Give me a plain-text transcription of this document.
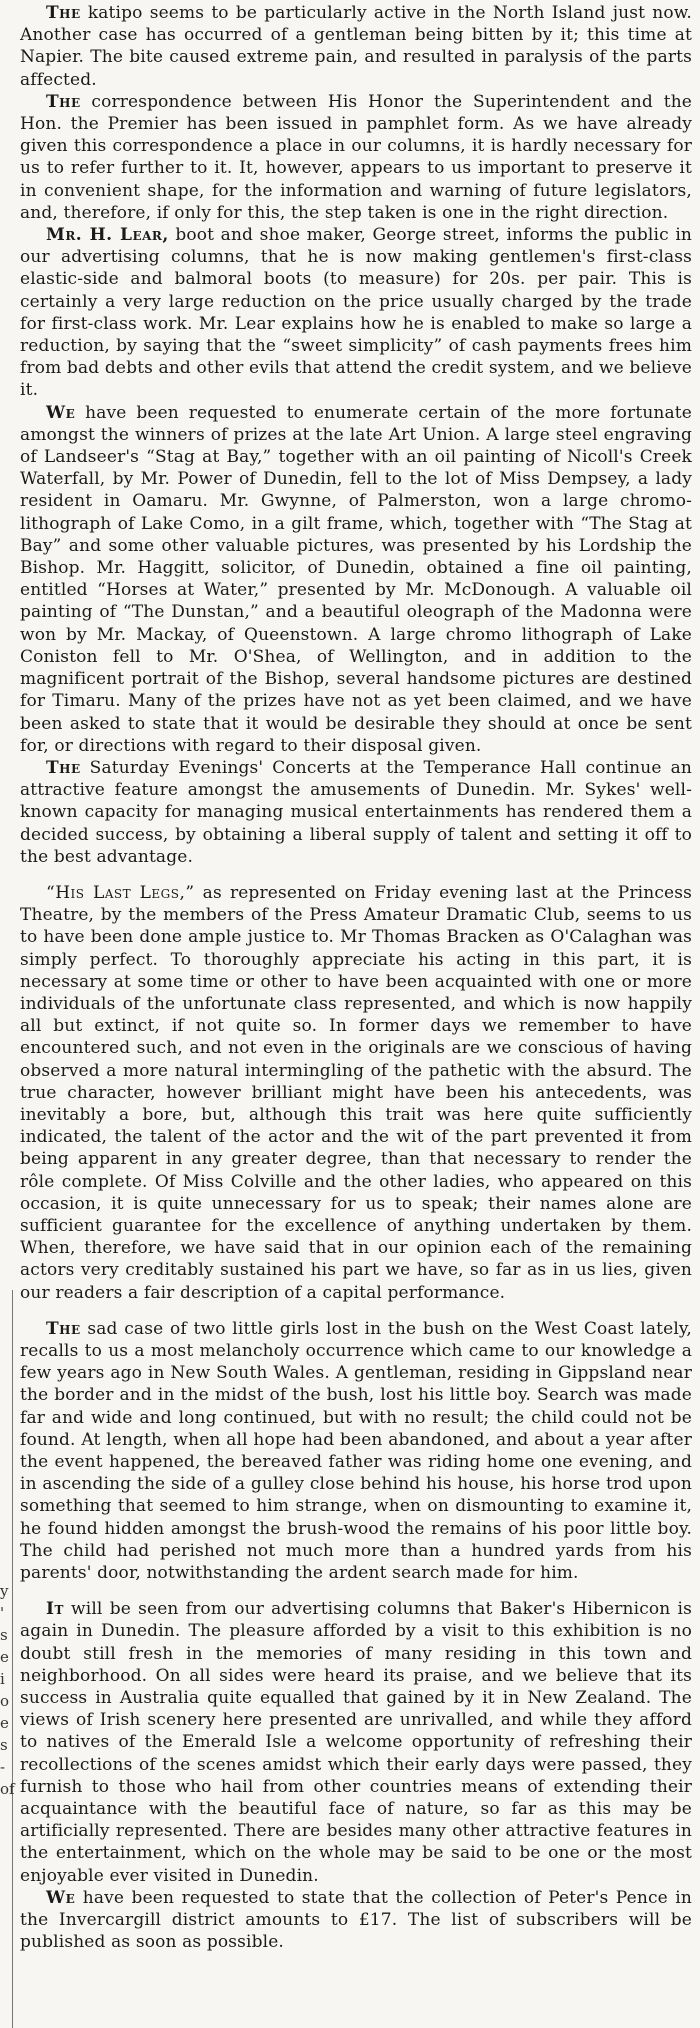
y
'
s
e
i
o
e
s
-
of

The katipo seems to be particularly active in the North Island just now. Another case has occurred of a gentleman being bitten by it; this time at Napier. The bite caused extreme pain, and resulted in paralysis of the parts affected.

The correspondence between His Honor the Superintendent and the Hon. the Premier has been issued in pamphlet form. As we have already given this correspondence a place in our columns, it is hardly necessary for us to refer further to it. It, however, appears to us important to preserve it in convenient shape, for the information and warning of future legislators, and, therefore, if only for this, the step taken is one in the right direction.

Mr. H. Lear, boot and shoe maker, George street, informs the public in our advertising columns, that he is now making gentlemen's first-class elastic-side and balmoral boots (to measure) for 20s. per pair. This is certainly a very large reduction on the price usually charged by the trade for first-class work. Mr. Lear explains how he is enabled to make so large a reduction, by saying that the “sweet simplicity” of cash payments frees him from bad debts and other evils that attend the credit system, and we believe it.

We have been requested to enumerate certain of the more fortunate amongst the winners of prizes at the late Art Union. A large steel engraving of Landseer's “Stag at Bay,” together with an oil painting of Nicoll's Creek Waterfall, by Mr. Power of Dunedin, fell to the lot of Miss Dempsey, a lady resident in Oamaru. Mr. Gwynne, of Palmerston, won a large chromo-lithograph of Lake Como, in a gilt frame, which, together with “The Stag at Bay” and some other valuable pictures, was presented by his Lordship the Bishop. Mr. Haggitt, solicitor, of Dunedin, obtained a fine oil painting, entitled “Horses at Water,” presented by Mr. McDonough. A valuable oil painting of “The Dunstan,” and a beautiful oleograph of the Madonna were won by Mr. Mackay, of Queenstown. A large chromo lithograph of Lake Coniston fell to Mr. O'Shea, of Wellington, and in addition to the magnificent portrait of the Bishop, several handsome pictures are destined for Timaru. Many of the prizes have not as yet been claimed, and we have been asked to state that it would be desirable they should at once be sent for, or directions with regard to their disposal given.

The Saturday Evenings' Concerts at the Temperance Hall continue an attractive feature amongst the amusements of Dunedin. Mr. Sykes' well-known capacity for managing musical entertainments has rendered them a decided success, by obtaining a liberal supply of talent and setting it off to the best advantage.

“His Last Legs,” as represented on Friday evening last at the Princess Theatre, by the members of the Press Amateur Dramatic Club, seems to us to have been done ample justice to. Mr Thomas Bracken as O'Calaghan was simply perfect. To thoroughly appreciate his acting in this part, it is necessary at some time or other to have been acquainted with one or more individuals of the unfortunate class represented, and which is now happily all but extinct, if not quite so. In former days we remember to have encountered such, and not even in the originals are we conscious of having observed a more natural intermingling of the pathetic with the absurd. The true character, however brilliant might have been his antecedents, was inevitably a bore, but, although this trait was here quite sufficiently indicated, the talent of the actor and the wit of the part prevented it from being apparent in any greater degree, than that necessary to render the rôle complete. Of Miss Colville and the other ladies, who appeared on this occasion, it is quite unnecessary for us to speak; their names alone are sufficient guarantee for the excellence of anything undertaken by them. When, therefore, we have said that in our opinion each of the remaining actors very creditably sustained his part we have, so far as in us lies, given our readers a fair description of a capital performance.

The sad case of two little girls lost in the bush on the West Coast lately, recalls to us a most melancholy occurrence which came to our knowledge a few years ago in New South Wales. A gentleman, residing in Gippsland near the border and in the midst of the bush, lost his little boy. Search was made far and wide and long continued, but with no result; the child could not be found. At length, when all hope had been abandoned, and about a year after the event happened, the bereaved father was riding home one evening, and in ascending the side of a gulley close behind his house, his horse trod upon something that seemed to him strange, when on dismounting to examine it, he found hidden amongst the brush-wood the remains of his poor little boy. The child had perished not much more than a hundred yards from his parents' door, notwithstanding the ardent search made for him.

It will be seen from our advertising columns that Baker's Hibernicon is again in Dunedin. The pleasure afforded by a visit to this exhibition is no doubt still fresh in the memories of many residing in this town and neighborhood. On all sides were heard its praise, and we believe that its success in Australia quite equalled that gained by it in New Zealand. The views of Irish scenery here presented are unrivalled, and while they afford to natives of the Emerald Isle a welcome opportunity of refreshing their recollections of the scenes amidst which their early days were passed, they furnish to those who hail from other countries means of extending their acquaintance with the beautiful face of nature, so far as this may be artificially represented. There are besides many other attractive features in the entertainment, which on the whole may be said to be one or the most enjoyable ever visited in Dunedin.

We have been requested to state that the collection of Peter's Pence in the Invercargill district amounts to £17. The list of subscribers will be published as soon as possible.
